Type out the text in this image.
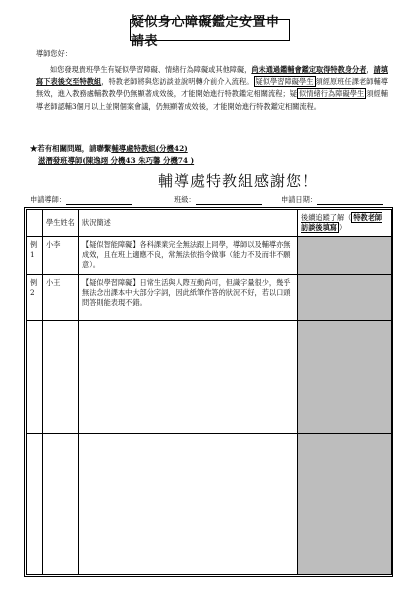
疑似身心障礙鑑定安置申請表
導師您好：
如您發現貴班學生有疑似學習障礙、情緒行為障礙或其他障礙，尚未通過鑑輔會鑑定取得特教身分者，請填寫下表後交至特教組，特教老師將與您訪談並說明轉介前介入流程。 疑似學習障礙學生 須經原班任課老師輔導無效，進入教務處輔教教學仍無顯著成效後，才能開始進行特教鑑定相關流程；疑 似情緒行為障礙學生 須經輔導老師認輔3個月以上並開個案會議，仍無顯著成效後，才能開始進行特教鑑定相關流程。
★若有相關問題，請聯繫輔導處特教組(分機42)
滋潛發班導師(陳逸翊 分機43 朱巧馨 分機74 )
輔導處特教組感謝您！
申請導師：	班級：	申請日期：
	學生姓名	狀況簡述	後續追蹤了解（ 特教老師訪談後填寫 ）
例1	小李	【疑似智能障礙】各科課業完全無法跟上同學，導師以及輔導亦無成效，且在班上適應不良，常無法依指令做事（能力不及而非不願意）。	
例2	小王	【疑似學習障礙】日常生活與人際互動尚可，但識字量很少，幾乎無法念出課本中大部分字詞，因此紙筆作答的狀況不好，若以口頭問答則能表現不錯。	
